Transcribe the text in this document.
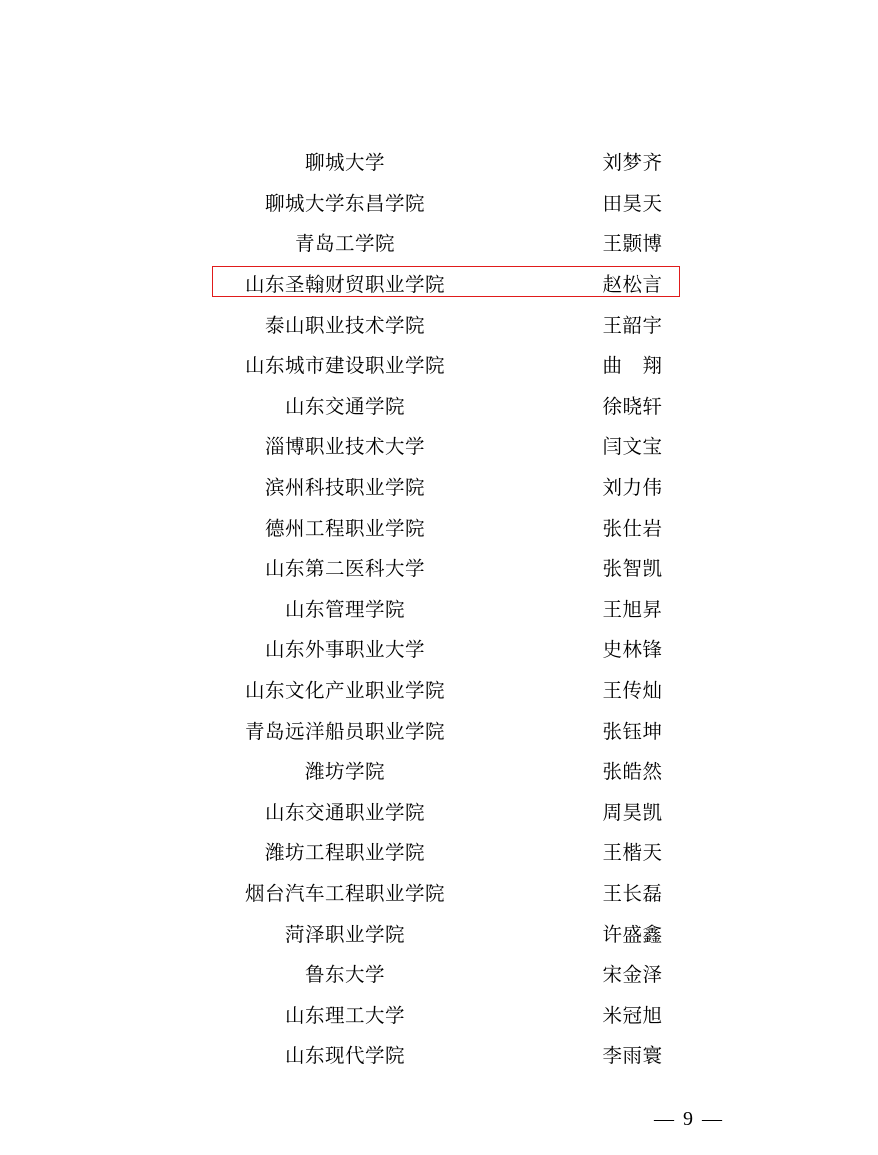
聊城大学	刘梦齐
聊城大学东昌学院	田昊天
青岛工学院	王颢博
山东圣翰财贸职业学院	赵松言
泰山职业技术学院	王韶宇
山东城市建设职业学院	曲　翔
山东交通学院	徐晓轩
淄博职业技术大学	闫文宝
滨州科技职业学院	刘力伟
德州工程职业学院	张仕岩
山东第二医科大学	张智凯
山东管理学院	王旭昇
山东外事职业大学	史林锋
山东文化产业职业学院	王传灿
青岛远洋船员职业学院	张钰坤
潍坊学院	张皓然
山东交通职业学院	周昊凯
潍坊工程职业学院	王楷天
烟台汽车工程职业学院	王长磊
菏泽职业学院	许盛鑫
鲁东大学	宋金泽
山东理工大学	米冠旭
山东现代学院	李雨寰
— 9 —
